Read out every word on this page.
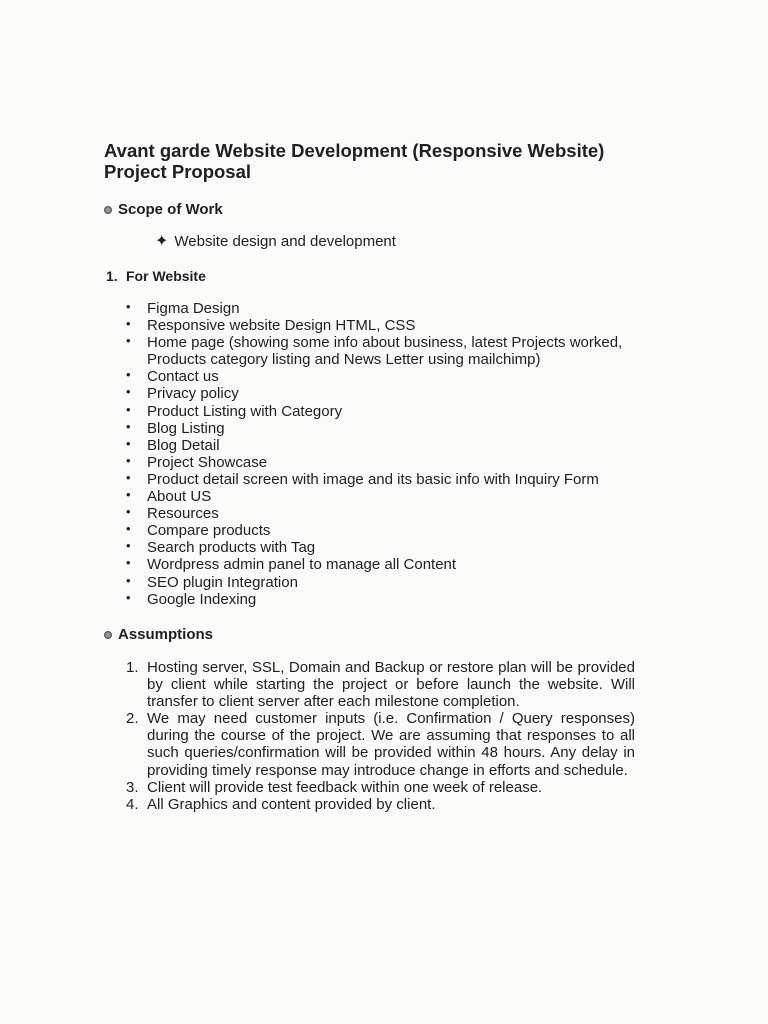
Avant garde Website Development (Responsive Website)
Project Proposal
Scope of Work
✦ Website design and development
1. For Website
• Figma Design
• Responsive website Design HTML, CSS
• Home page (showing some info about business, latest Projects worked, Products category listing and News Letter using mailchimp)
• Contact us
• Privacy policy
• Product Listing with Category
• Blog Listing
• Blog Detail
• Project Showcase
• Product detail screen with image and its basic info with Inquiry Form
• About US
• Resources
• Compare products
• Search products with Tag
• Wordpress admin panel to manage all Content
• SEO plugin Integration
• Google Indexing
Assumptions
1. Hosting server, SSL, Domain and Backup or restore plan will be provided by client while starting the project or before launch the website. Will transfer to client server after each milestone completion.
2. We may need customer inputs (i.e. Confirmation / Query responses) during the course of the project. We are assuming that responses to all such queries/confirmation will be provided within 48 hours. Any delay in providing timely response may introduce change in efforts and schedule.
3. Client will provide test feedback within one week of release.
4. All Graphics and content provided by client.
